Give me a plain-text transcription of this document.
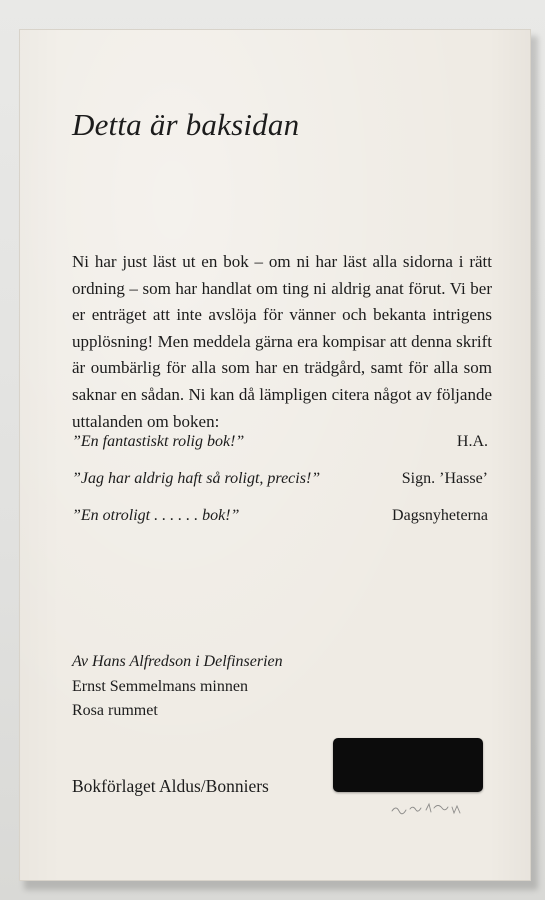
Detta är baksidan

Ni har just läst ut en bok – om ni har läst alla sidorna i rätt ordning – som har handlat om ting ni aldrig anat förut. Vi ber er enträget att inte avslöja för vänner och bekanta intrigens upplösning! Men meddela gärna era kompisar att denna skrift är oumbärlig för alla som har en trädgård, samt för alla som saknar en sådan. Ni kan då lämpligen citera något av följande uttalanden om boken:

”En fantastiskt rolig bok!”	H.A.
”Jag har aldrig haft så roligt, precis!”	Sign. ’Hasse’
”En otroligt . . . . . . bok!”	Dagsnyheterna
Av Hans Alfredson i Delfinserien
Ernst Semmelmans minnen
Rosa rummet
Bokförlaget Aldus/Bonniers
